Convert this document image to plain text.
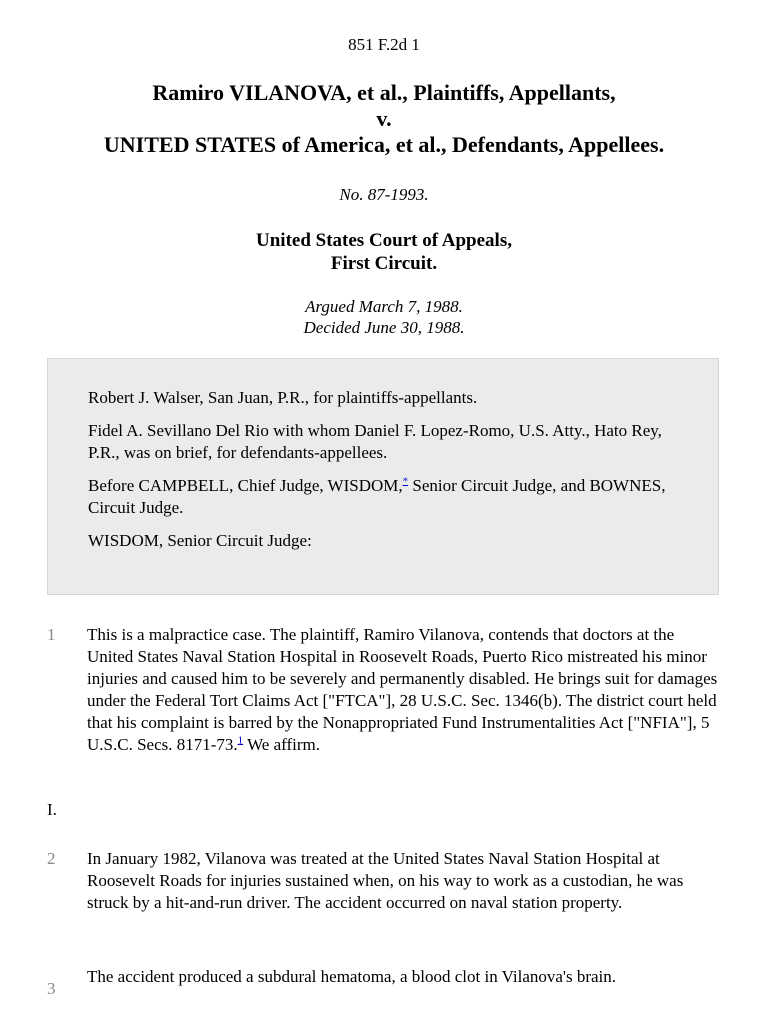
851 F.2d 1
Ramiro VILANOVA, et al., Plaintiffs, Appellants,
v.
UNITED STATES of America, et al., Defendants, Appellees.
No. 87-1993.
United States Court of Appeals,
First Circuit.
Argued March 7, 1988.
Decided June 30, 1988.

Robert J. Walser, San Juan, P.R., for plaintiffs-appellants.

Fidel A. Sevillano Del Rio with whom Daniel F. Lopez-Romo, U.S. Atty., Hato Rey, P.R., was on brief, for defendants-appellees.

Before CAMPBELL, Chief Judge, WISDOM,* Senior Circuit Judge, and BOWNES, Circuit Judge.

WISDOM, Senior Circuit Judge:

1	This is a malpractice case. The plaintiff, Ramiro Vilanova, contends that doctors at the United States Naval Station Hospital in Roosevelt Roads, Puerto Rico mistreated his minor injuries and caused him to be severely and permanently disabled. He brings suit for damages under the Federal Tort Claims Act ["FTCA"], 28 U.S.C. Sec. 1346(b). The district court held that his complaint is barred by the Nonappropriated Fund Instrumentalities Act ["NFIA"], 5 U.S.C. Secs. 8171-73.$^1$ We affirm.
I.
2	In January 1982, Vilanova was treated at the United States Naval Station Hospital at Roosevelt Roads for injuries sustained when, on his way to work as a custodian, he was struck by a hit-and-run driver. The accident occurred on naval station property.
3
The accident produced a subdural hematoma, a blood clot in Vilanova's brain.
